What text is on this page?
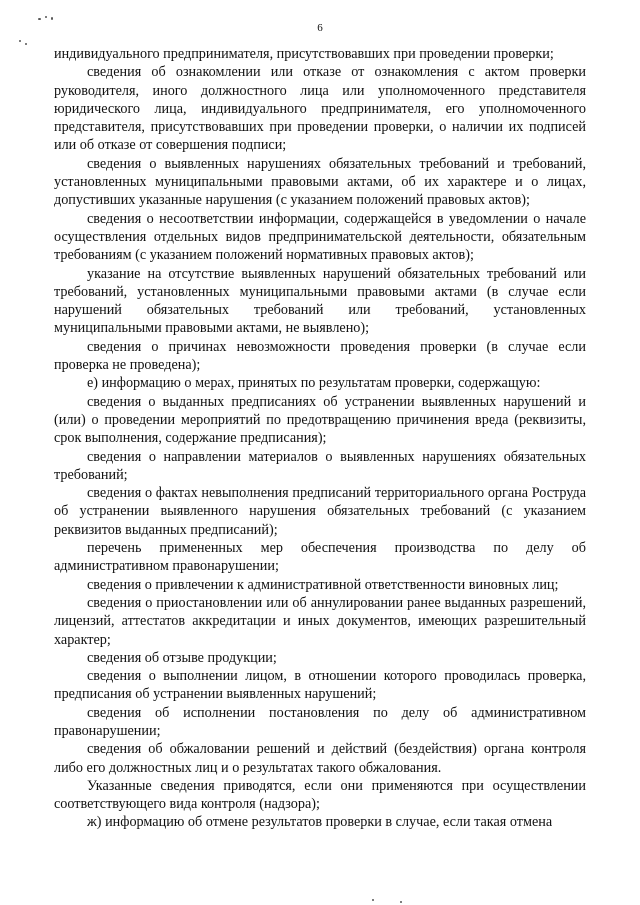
6

индивидуального предпринимателя, присутствовавших при проведении проверки;

сведения об ознакомлении или отказе от ознакомления с актом проверки руководителя, иного должностного лица или уполномоченного представителя юридического лица, индивидуального предпринимателя, его уполномоченного представителя, присутствовавших при проведении проверки, о наличии их подписей или об отказе от совершения подписи;

сведения о выявленных нарушениях обязательных требований и требований, установленных муниципальными правовыми актами, об их характере и о лицах, допустивших указанные нарушения (с указанием положений правовых актов);

сведения о несоответствии информации, содержащейся в уведомлении о начале осуществления отдельных видов предпринимательской деятельности, обязательным требованиям (с указанием положений нормативных правовых актов);

указание на отсутствие выявленных нарушений обязательных требований или требований, установленных муниципальными правовыми актами (в случае если нарушений обязательных требований или требований, установленных муниципальными правовыми актами, не выявлено);

сведения о причинах невозможности проведения проверки (в случае если проверка не проведена);

е) информацию о мерах, принятых по результатам проверки, содержащую:

сведения о выданных предписаниях об устранении выявленных нарушений и (или) о проведении мероприятий по предотвращению причинения вреда (реквизиты, срок выполнения, содержание предписания);

сведения о направлении материалов о выявленных нарушениях обязательных требований;

сведения о фактах невыполнения предписаний территориального органа Роструда об устранении выявленного нарушения обязательных требований (с указанием реквизитов выданных предписаний);

перечень примененных мер обеспечения производства по делу об административном правонарушении;

сведения о привлечении к административной ответственности виновных лиц;

сведения о приостановлении или об аннулировании ранее выданных разрешений, лицензий, аттестатов аккредитации и иных документов, имеющих разрешительный характер;

сведения об отзыве продукции;

сведения о выполнении лицом, в отношении которого проводилась проверка, предписания об устранении выявленных нарушений;

сведения об исполнении постановления по делу об административном правонарушении;

сведения об обжаловании решений и действий (бездействия) органа контроля либо его должностных лиц и о результатах такого обжалования.

Указанные сведения приводятся, если они применяются при осуществлении соответствующего вида контроля (надзора);

ж) информацию об отмене результатов проверки в случае, если такая отмена
